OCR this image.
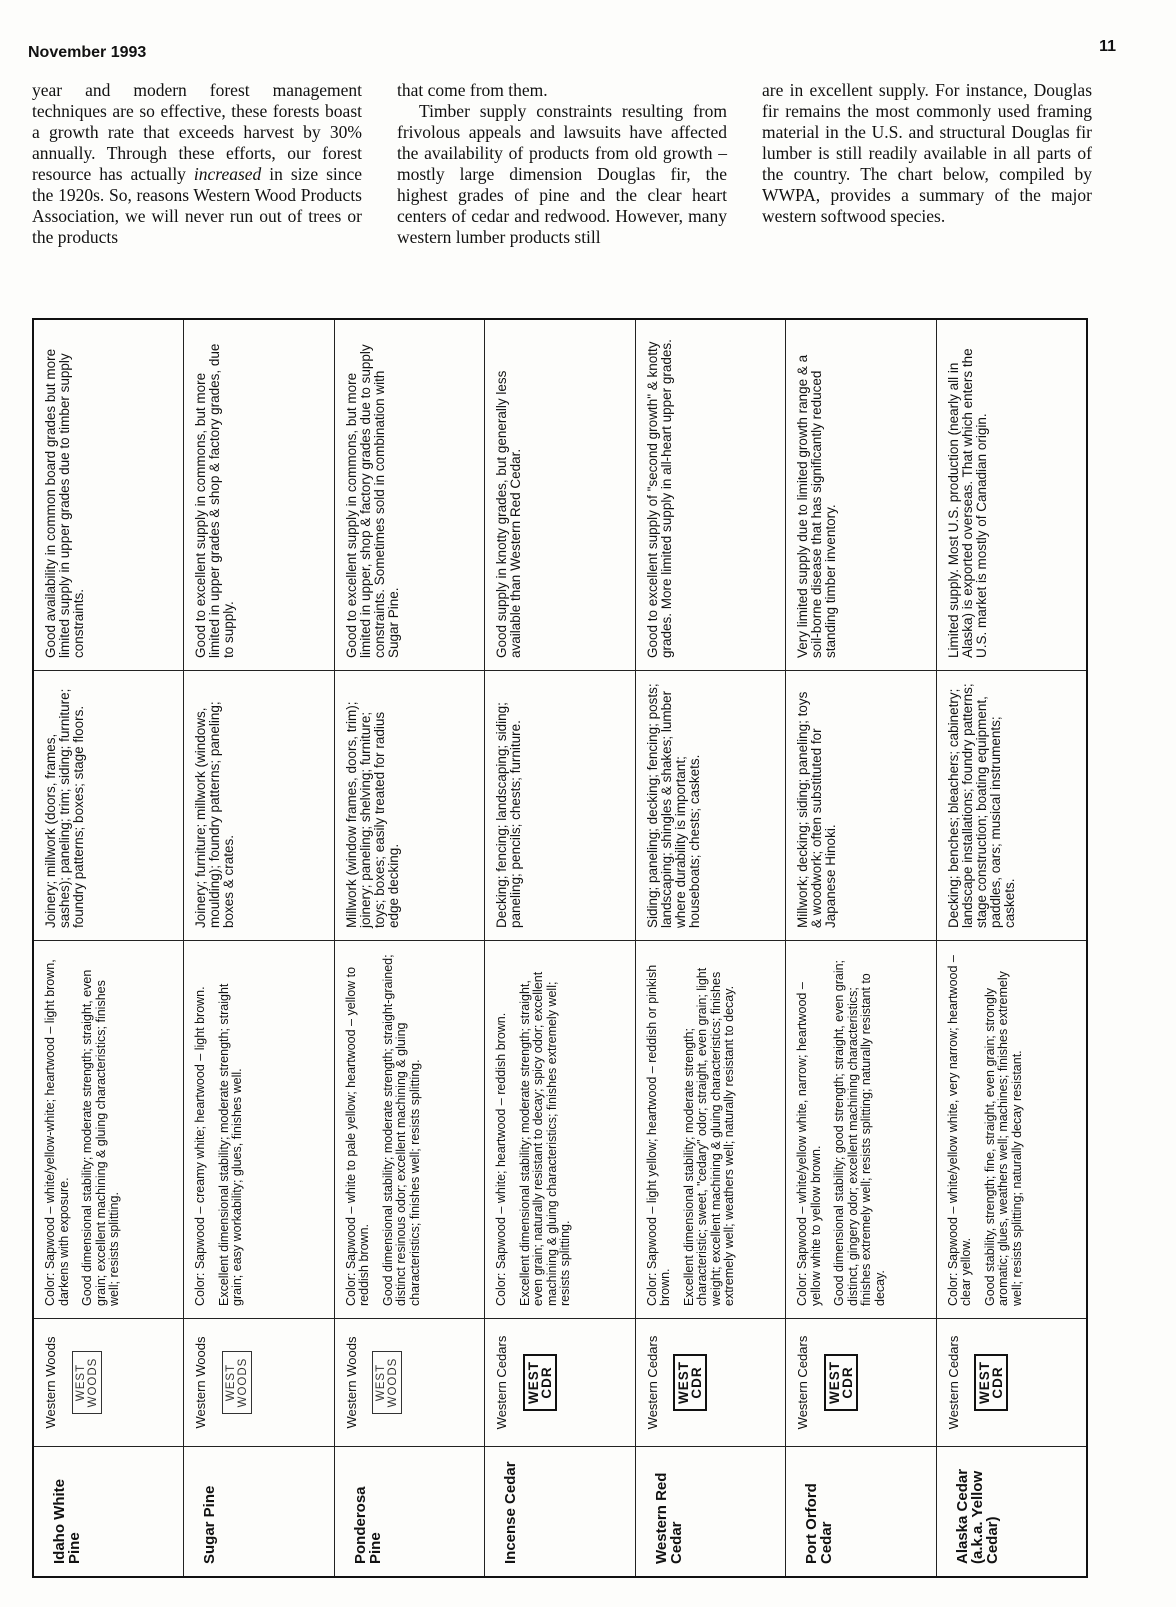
November 1993	11

year and modern forest management techniques are so effective, these forests boast a growth rate that exceeds harvest by 30% annually. Through these efforts, our forest resource has actually increased in size since the 1920s. So, reasons Western Wood Products Association, we will never run out of trees or the products

that come from them.

Timber supply constraints resulting from frivolous appeals and lawsuits have affected the availability of products from old growth – mostly large dimension Douglas fir, the highest grades of pine and the clear heart centers of cedar and redwood. However, many western lumber products still

are in excellent supply. For instance, Douglas fir remains the most commonly used framing material in the U.S. and structural Douglas fir lumber is still readily available in all parts of the country. The chart below, compiled by WWPA, provides a summary of the major western softwood species.

Idaho White Pine
Western Woods WEST WOODS

Color: Sapwood – white/yellow-white; heartwood – light brown, darkens with exposure. Good dimensional stability; moderate strength; straight, even grain; excellent machining & gluing characteristics; finishes well; resists splitting.

Joinery; millwork (doors, frames, sashes); paneling; trim; siding; furniture; foundry patterns; boxes; stage floors.
Good availability in common board grades but more limited supply in upper grades due to timber supply constraints.
Sugar Pine
Western Woods WEST WOODS

Color: Sapwood – creamy white; heartwood – light brown. Excellent dimensional stability; moderate strength; straight grain; easy workability; glues, finishes well.

Joinery; furniture; millwork (windows, moulding); foundry patterns; paneling; boxes & crates.
Good to excellent supply in commons, but more limited in upper grades & shop & factory grades, due to supply.
Ponderosa Pine
Western Woods WEST WOODS

Color: Sapwood – white to pale yellow; heartwood – yellow to reddish brown. Good dimensional stability; moderate strength; straight-grained; distinct resinous odor; excellent machining & gluing characteristics; finishes well; resists splitting.

Millwork (window frames, doors, trim); joinery; paneling; shelving; furniture; toys; boxes; easily treated for radius edge decking.
Good to excellent supply in commons, but more limited in upper, shop & factory grades due to supply constraints. Sometimes sold in combination with Sugar Pine.
Incense Cedar
Western Cedars WEST
CDR

Color: Sapwood – white; heartwood – reddish brown. Excellent dimensional stability; moderate strength; straight, even grain; naturally resistant to decay; spicy odor; excellent machining & gluing characteristics; finishes extremely well; resists splitting.

Decking; fencing; landscaping; siding; paneling; pencils; chests; furniture.
Good supply in knotty grades, but generally less available than Western Red Cedar.
Western Red Cedar
Western Cedars WEST
CDR

Color: Sapwood – light yellow; heartwood – reddish or pinkish brown. Excellent dimensional stability; moderate strength; characteristic; sweet, "cedary" odor; straight, even grain; light weight; excellent machining & gluing characteristics; finishes extremely well; weathers well; naturally resistant to decay.

Siding; paneling; decking; fencing; posts; landscaping; shingles & shakes; lumber where durability is important; houseboats; chests; caskets.
Good to excellent supply of "second growth" & knotty grades. More limited supply in all-heart upper grades.
Port Orford Cedar
Western Cedars WEST
CDR

Color: Sapwood – white/yellow white, narrow; heartwood – yellow white to yellow brown. Good dimensional stability; good strength; straight, even grain; distinct, gingery odor; excellent machining characteristics; finishes extremely well; resists splitting; naturally resistant to decay.

Millwork; decking; siding; paneling; toys & woodwork; often substituted for Japanese Hinoki.
Very limited supply due to limited growth range & a soil-borne disease that has significantly reduced standing timber inventory.
Alaska Cedar (a.k.a. Yellow Cedar)
Western Cedars WEST
CDR

Color: Sapwood – white/yellow white, very narrow; heartwood – clear yellow. Good stability, strength; fine, straight, even grain; strongly aromatic; glues, weathers well; machines; finishes extremely well; resists splitting; naturally decay resistant.

Decking; benches; bleachers; cabinetry; landscape installations; foundry patterns; stage construction; boating equipment, paddles, oars; musical instruments; caskets.
Limited supply. Most U.S. production (nearly all in Alaska) is exported overseas. That which enters the U.S. market is mostly of Canadian origin.
